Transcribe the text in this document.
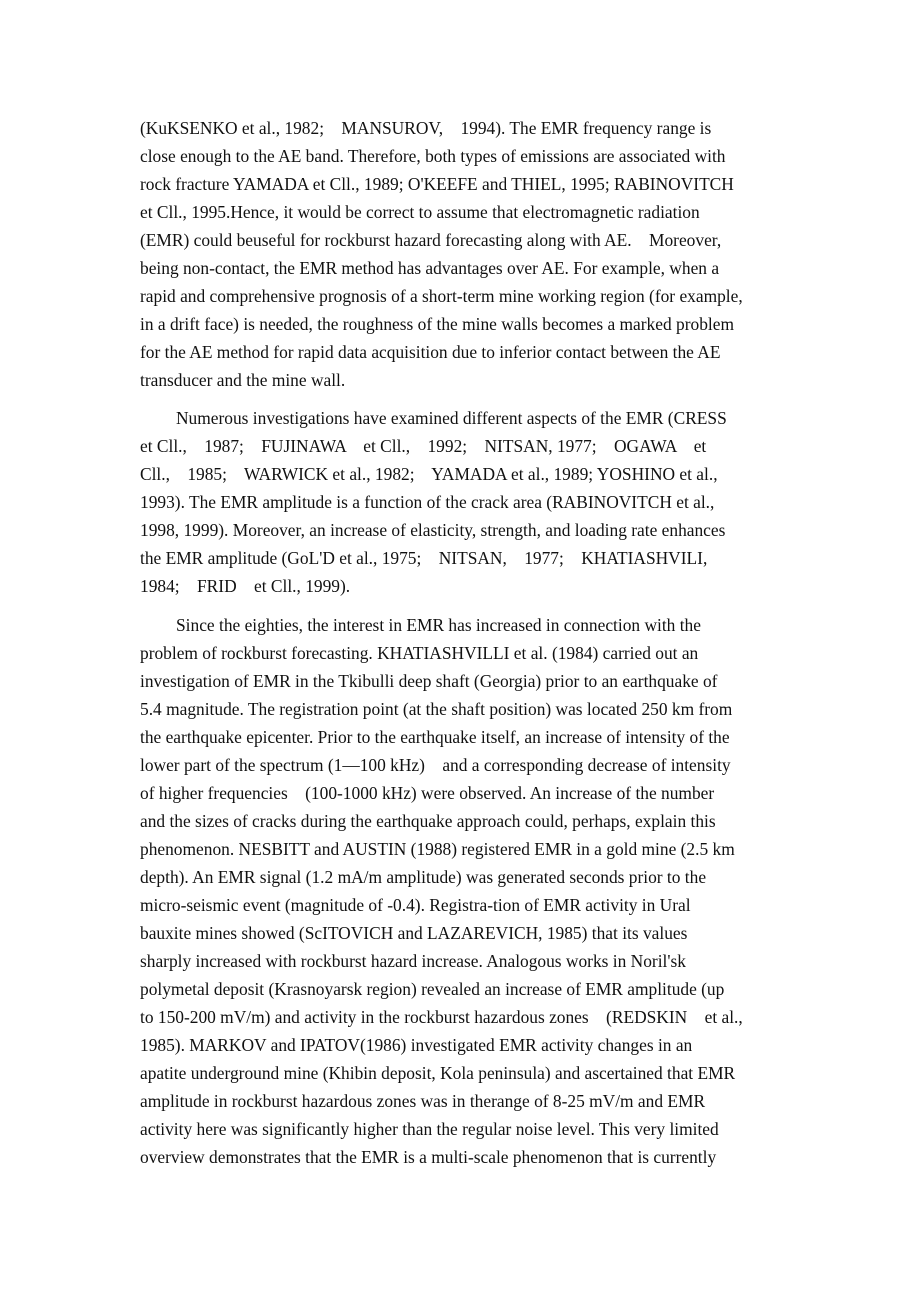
(KuKSENKO et al., 1982;    MANSUROV,    1994). The EMR frequency range is

close enough to the AE band. Therefore, both types of emissions are associated with

rock fracture YAMADA et Cll., 1989; O'KEEFE and THIEL, 1995; RABINOVITCH

et Cll., 1995.Hence, it would be correct to assume that electromagnetic radiation

(EMR) could beuseful for rockburst hazard forecasting along with AE.    Moreover,

being non-contact, the EMR method has advantages over AE. For example, when a

rapid and comprehensive prognosis of a short-term mine working region (for example,

in a drift face) is needed, the roughness of the mine walls becomes a marked problem

for the AE method for rapid data acquisition due to inferior contact between the AE

transducer and the mine wall.

Numerous investigations have examined different aspects of the EMR (CRESS

et Cll.,    1987;    FUJINAWA    et Cll.,    1992;    NITSAN, 1977;    OGAWA    et

Cll.,    1985;    WARWICK et al., 1982;    YAMADA et al., 1989; YOSHINO et al.,

1993). The EMR amplitude is a function of the crack area (RABINOVITCH et al.,

1998, 1999). Moreover, an increase of elasticity, strength, and loading rate enhances

the EMR amplitude (GoL'D et al., 1975;    NITSAN,    1977;    KHATIASHVILI,

1984;    FRID    et Cll., 1999).

Since the eighties, the interest in EMR has increased in connection with the

problem of rockburst forecasting. KHATIASHVILLI et al. (1984) carried out an

investigation of EMR in the Tkibulli deep shaft (Georgia) prior to an earthquake of

5.4 magnitude. The registration point (at the shaft position) was located 250 km from

the earthquake epicenter. Prior to the earthquake itself, an increase of intensity of the

lower part of the spectrum (1—100 kHz)    and a corresponding decrease of intensity

of higher frequencies    (100-1000 kHz) were observed. An increase of the number

and the sizes of cracks during the earthquake approach could, perhaps, explain this

phenomenon. NESBITT and AUSTIN (1988) registered EMR in a gold mine (2.5 km

depth). An EMR signal (1.2 mA/m amplitude) was generated seconds prior to the

micro-seismic event (magnitude of -0.4). Registra-tion of EMR activity in Ural

bauxite mines showed (ScITOVICH and LAZAREVICH, 1985) that its values

sharply increased with rockburst hazard increase. Analogous works in Noril'sk

polymetal deposit (Krasnoyarsk region) revealed an increase of EMR amplitude (up

to 150-200 mV/m) and activity in the rockburst hazardous zones    (REDSKIN    et al.,

1985). MARKOV and IPATOV(1986) investigated EMR activity changes in an

apatite underground mine (Khibin deposit, Kola peninsula) and ascertained that EMR

amplitude in rockburst hazardous zones was in therange of 8-25 mV/m and EMR

activity here was significantly higher than the regular noise level. This very limited

overview demonstrates that the EMR is a multi-scale phenomenon that is currently
